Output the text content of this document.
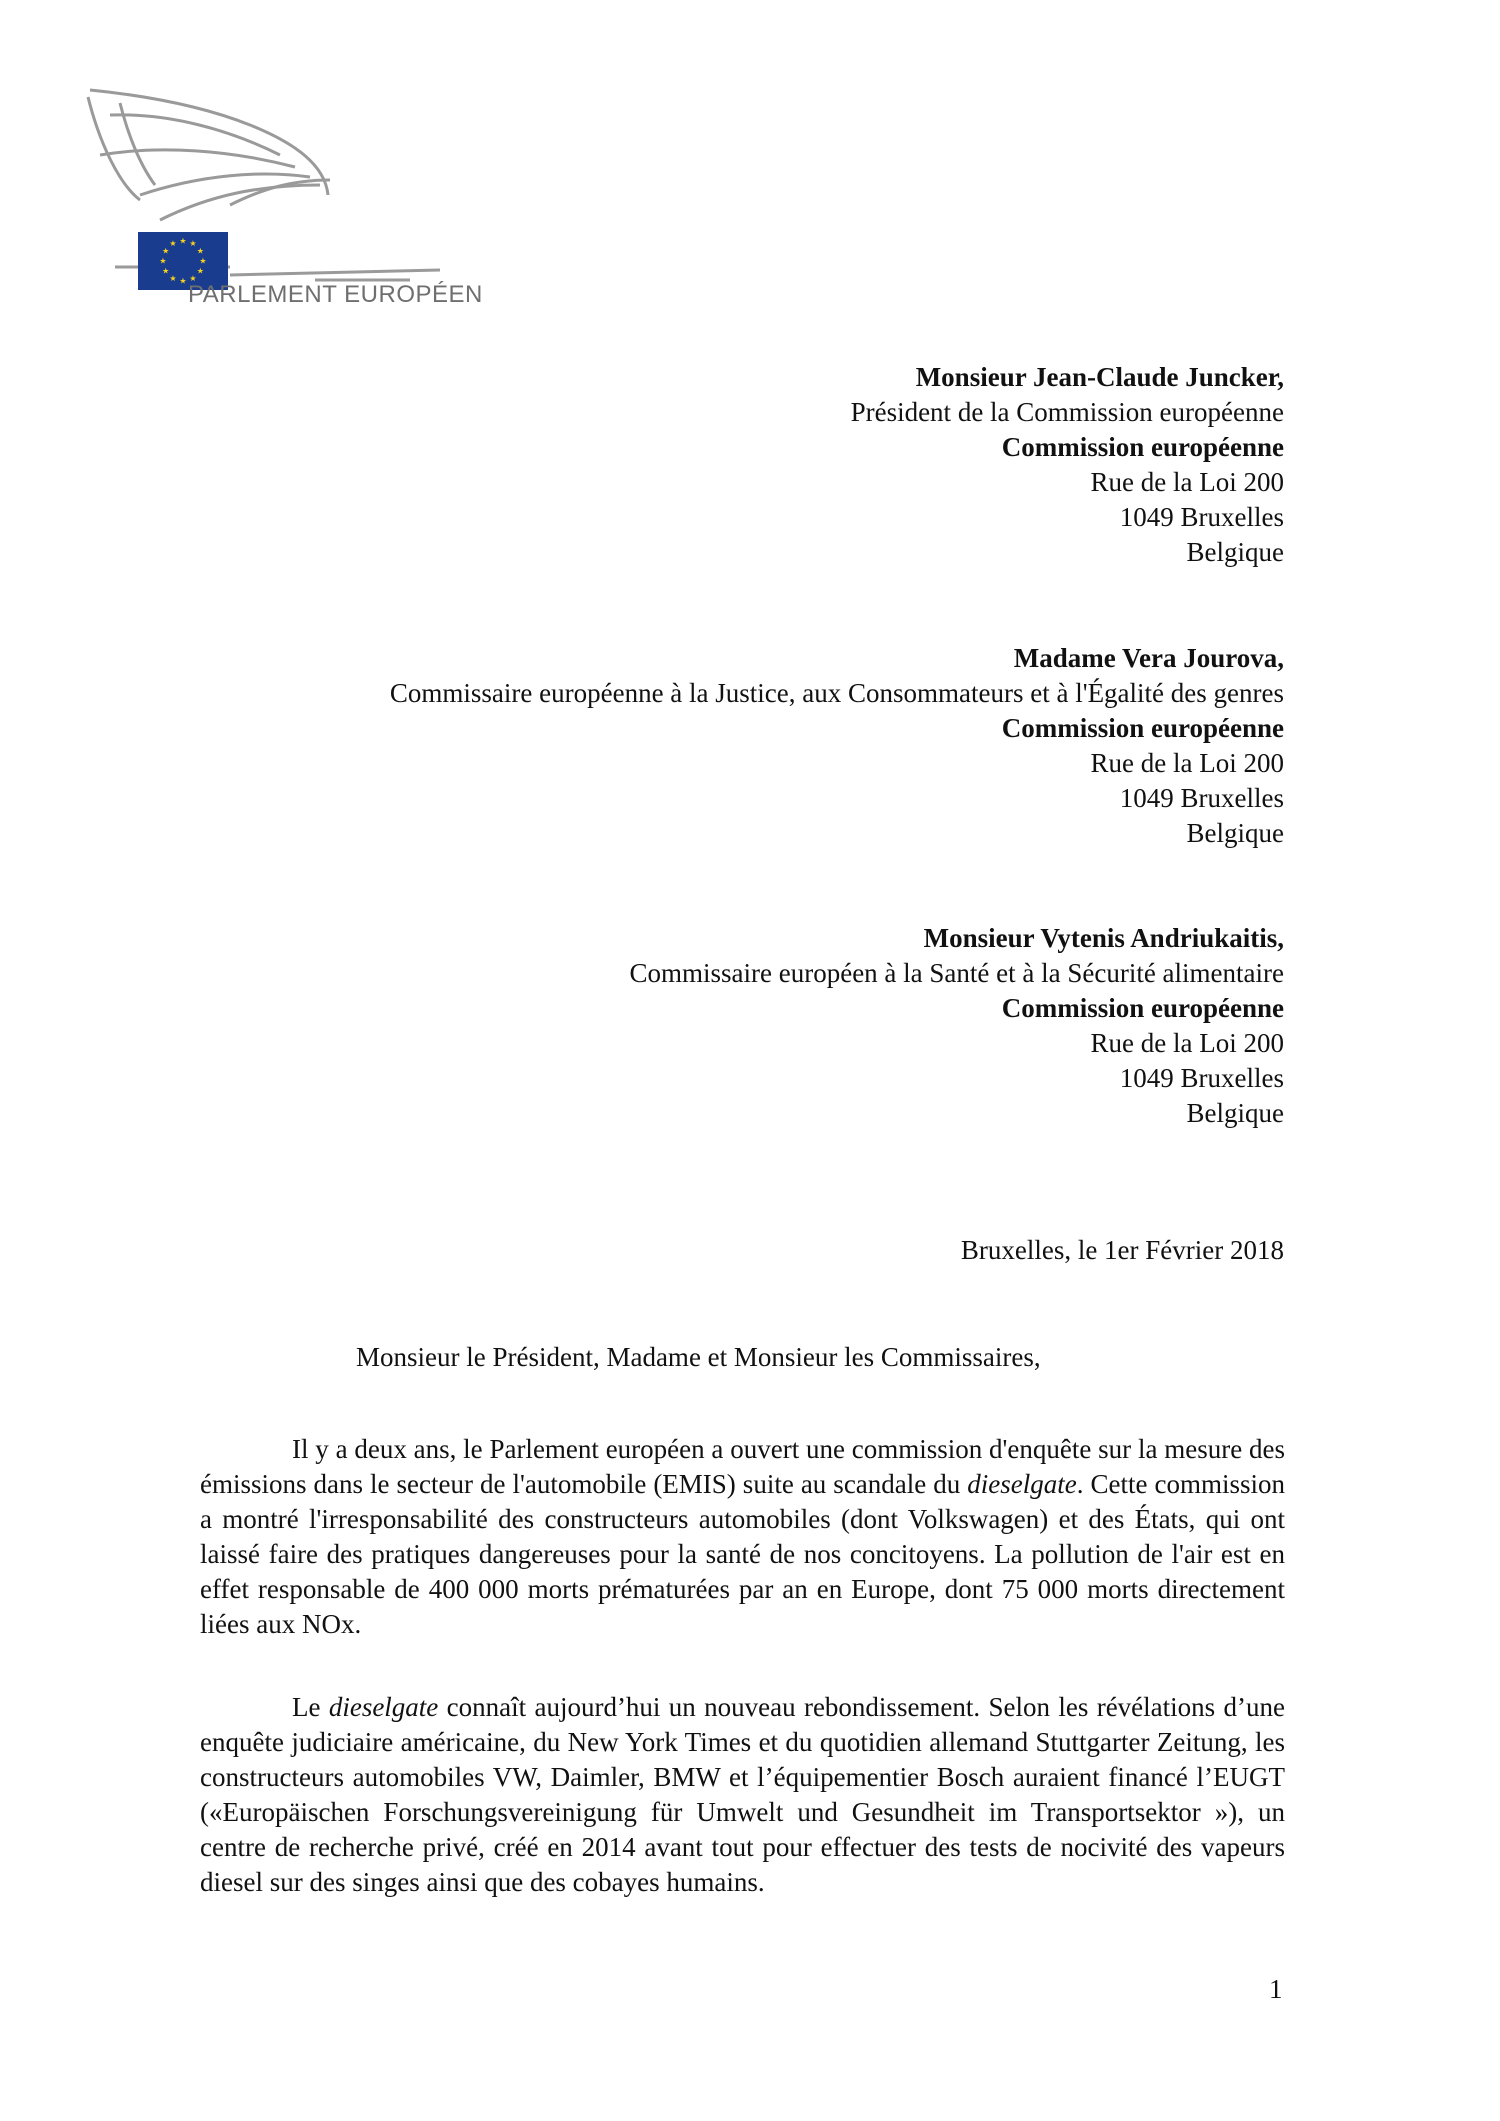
★
★
★
★
★
★
★
★
★ ★ ★
★
PARLEMENT EUROPÉEN
Monsieur Jean-Claude Juncker,
Président de la Commission européenne
Commission européenne
Rue de la Loi 200
1049 Bruxelles
Belgique
Madame Vera Jourova,
Commissaire européenne à la Justice, aux Consommateurs et à l'Égalité des genres
Commission européenne
Rue de la Loi 200
1049 Bruxelles
Belgique
Monsieur Vytenis Andriukaitis,
Commissaire européen à la Santé et à la Sécurité alimentaire
Commission européenne
Rue de la Loi 200
1049 Bruxelles
Belgique
Bruxelles, le 1er Février 2018
Monsieur le Président, Madame et Monsieur les Commissaires,

Il y a deux ans, le Parlement européen a ouvert une commission d'enquête sur la mesure des émissions dans le secteur de l'automobile (EMIS) suite au scandale du dieselgate. Cette commission a montré l'irresponsabilité des constructeurs automobiles (dont Volkswagen) et des États, qui ont laissé faire des pratiques dangereuses pour la santé de nos concitoyens. La pollution de l'air est en effet responsable de 400 000 morts prématurées par an en Europe, dont 75 000 morts directement liées aux NOx.

Le dieselgate connaît aujourd’hui un nouveau rebondissement. Selon les révélations d’une enquête judiciaire américaine, du New York Times et du quotidien allemand Stuttgarter Zeitung, les constructeurs automobiles VW, Daimler, BMW et l’équipementier Bosch auraient financé l’EUGT («Europäischen Forschungsvereinigung für Umwelt und Gesundheit im Transportsektor »), un centre de recherche privé, créé en 2014 avant tout pour effectuer des tests de nocivité des vapeurs diesel sur des singes ainsi que des cobayes humains.

1
